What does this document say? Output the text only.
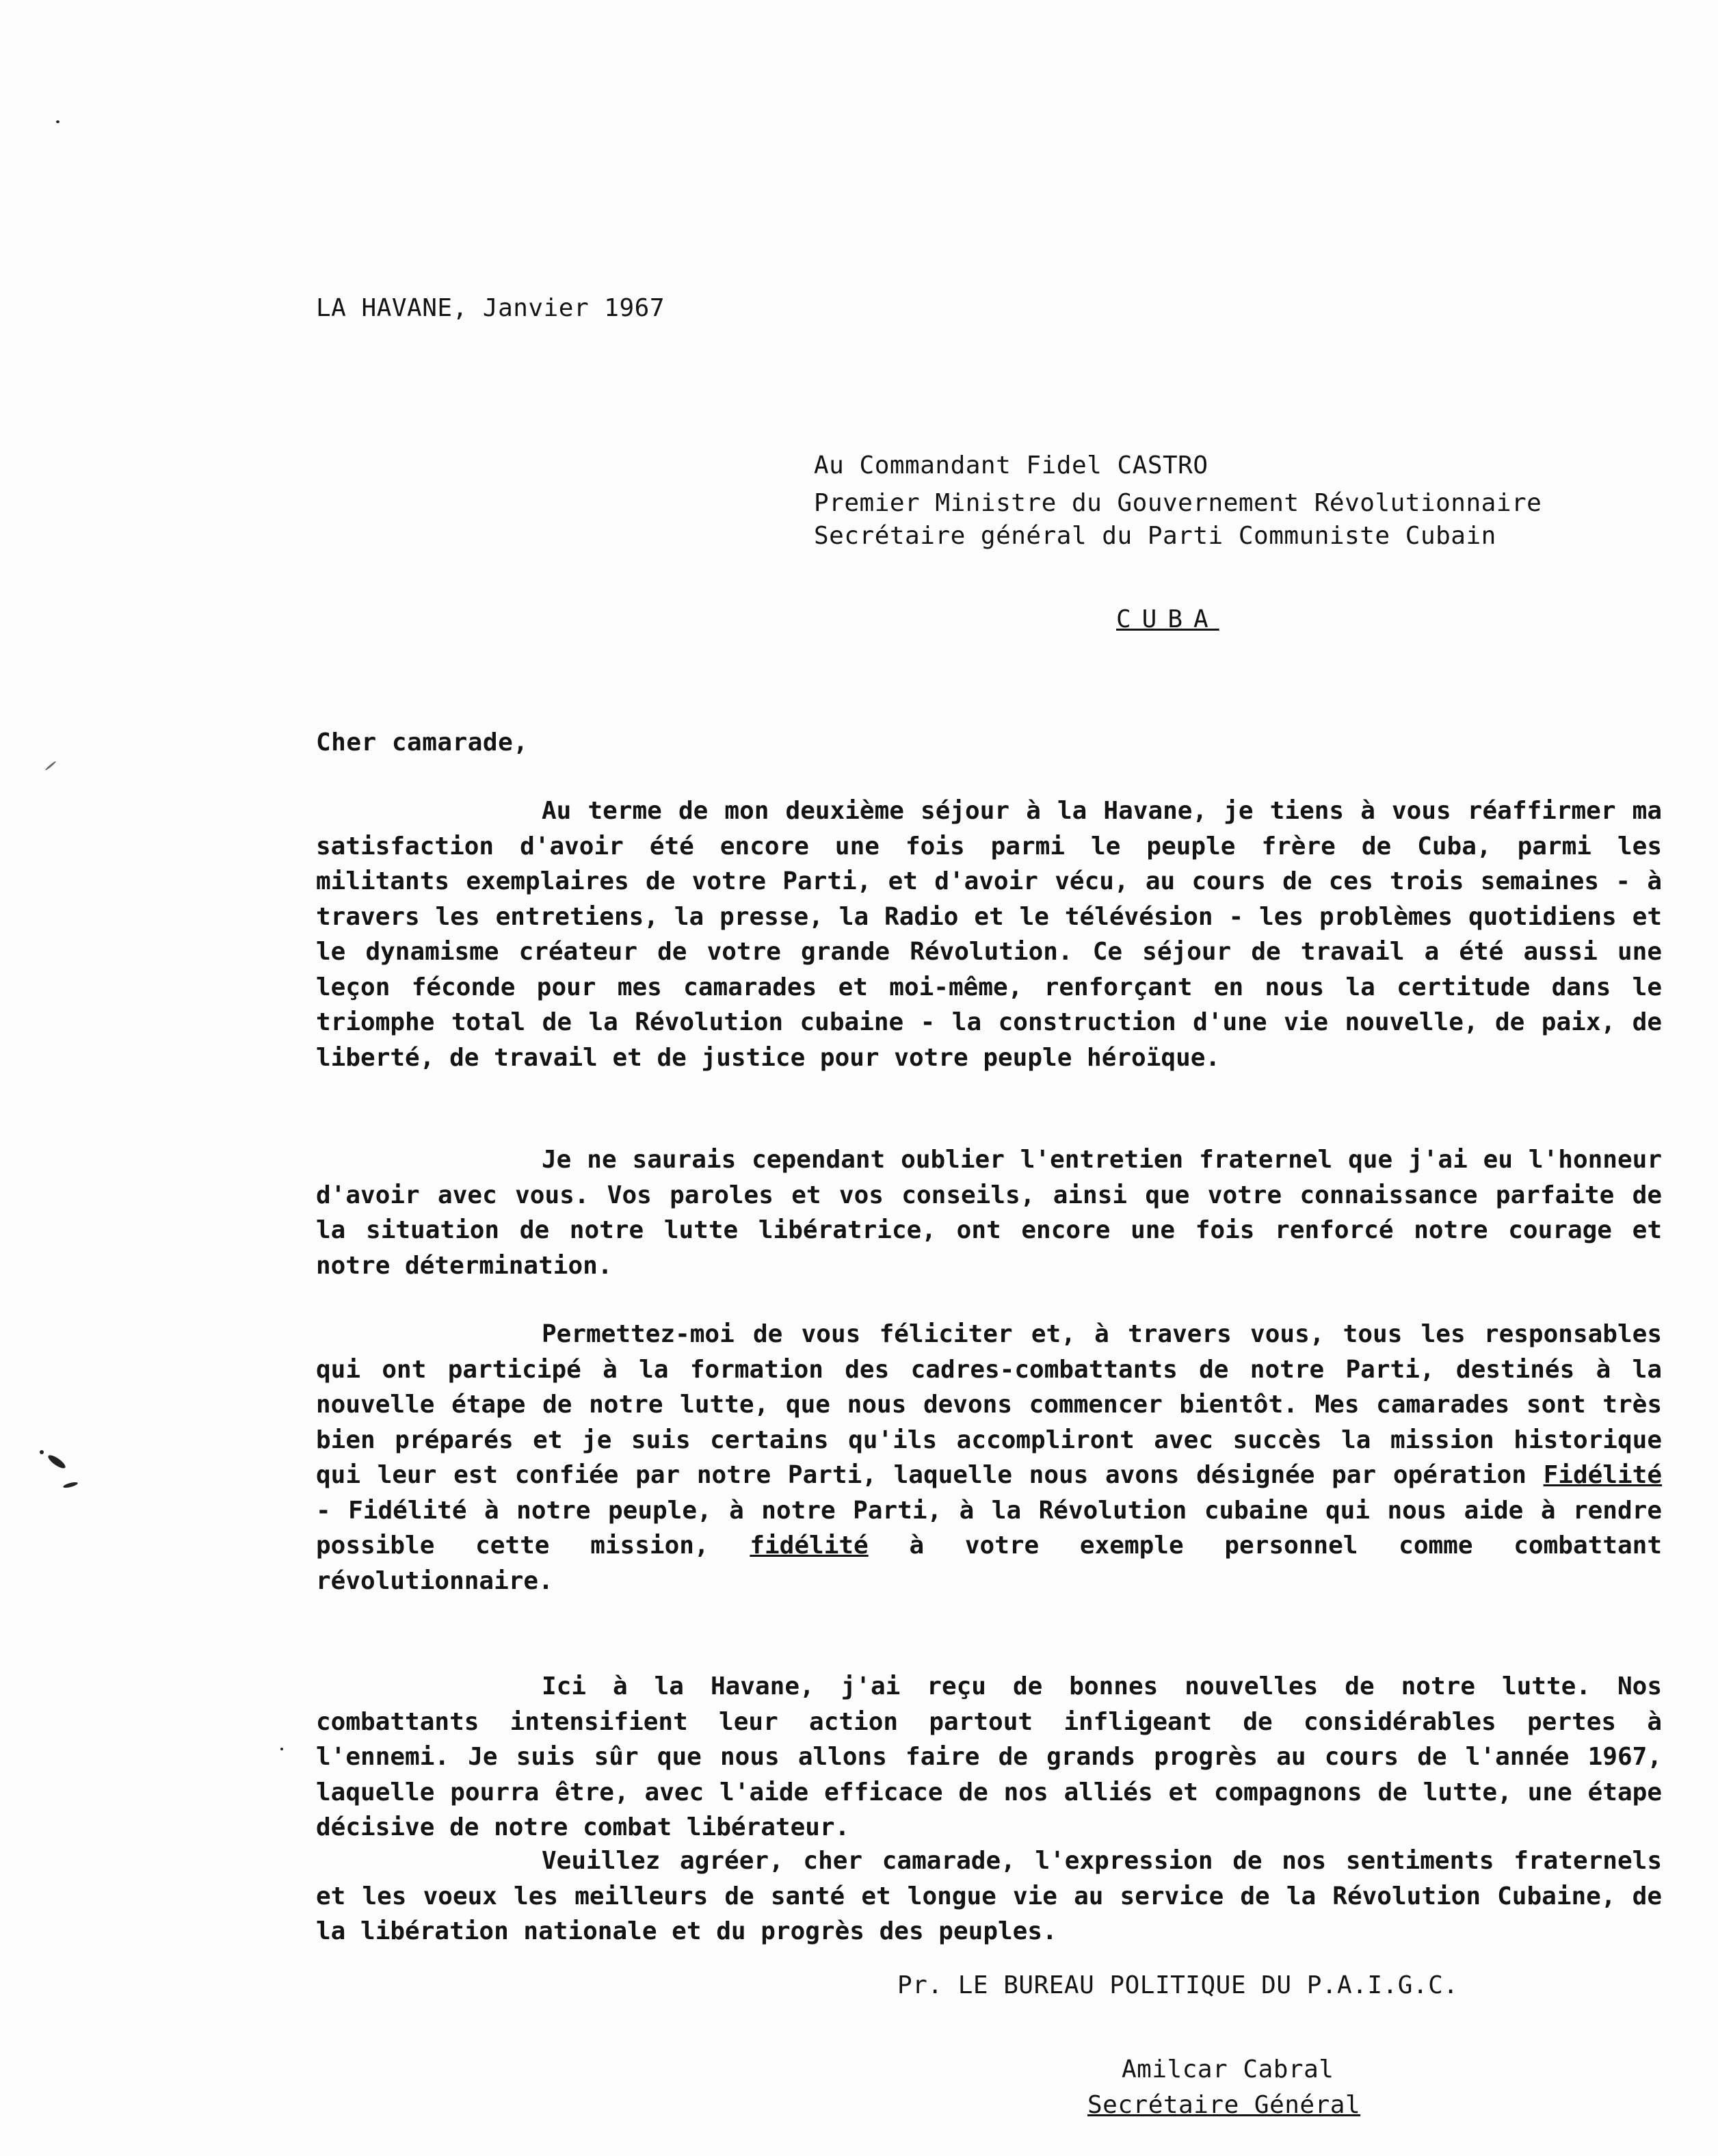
LA HAVANE, Janvier 1967
Au Commandant Fidel CASTRO
Premier Ministre du Gouvernement Révolutionnaire
Secrétaire général du Parti Communiste Cubain
CUBA
Cher camarade,
Au terme de mon deuxième séjour à la Havane, je tiens à vous réaffirmer ma satisfaction d'avoir été encore une fois parmi le peuple frère de Cuba, parmi les militants exemplaires de votre Parti, et d'avoir vécu, au cours de ces trois semaines - à travers les entretiens, la presse, la Radio et le télévésion - les problèmes quotidiens et le dynamisme créateur de votre grande Révolution. Ce séjour de travail a été aussi une leçon féconde pour mes camarades et moi-même, renforçant en nous la certitude dans le triomphe total de la Révolution cubaine - la construction d'une vie nouvelle, de paix, de liberté, de travail et de justice pour votre peuple héroïque.
Je ne saurais cependant oublier l'entretien fraternel que j'ai eu l'honneur d'avoir avec vous. Vos paroles et vos conseils, ainsi que votre connaissance parfaite de la situation de notre lutte libératrice, ont encore une fois renforcé notre courage et notre détermination.
Permettez-moi de vous féliciter et, à travers vous, tous les responsables qui ont participé à la formation des cadres-combattants de notre Parti, destinés à la nouvelle étape de notre lutte, que nous devons commencer bientôt. Mes camarades sont très bien préparés et je suis certains qu'ils accompliront avec succès la mission historique qui leur est confiée par notre Parti, laquelle nous avons désignée par opération Fidélité - Fidélité à notre peuple, à notre Parti, à la Révolution cubaine qui nous aide à rendre possible cette mission, fidélité à votre exemple personnel comme combattant révolutionnaire.
Ici à la Havane, j'ai reçu de bonnes nouvelles de notre lutte. Nos combattants intensifient leur action partout infligeant de considérables pertes à l'ennemi. Je suis sûr que nous allons faire de grands progrès au cours de l'année 1967, laquelle pourra être, avec l'aide efficace de nos alliés et compagnons de lutte, une étape décisive de notre combat libérateur.
Veuillez agréer, cher camarade, l'expression de nos sentiments fraternels et les voeux les meilleurs de santé et longue vie au service de la Révolution Cubaine, de la libération nationale et du progrès des peuples.
Pr. LE BUREAU POLITIQUE DU P.A.I.G.C.
Amilcar Cabral
Secrétaire Général
